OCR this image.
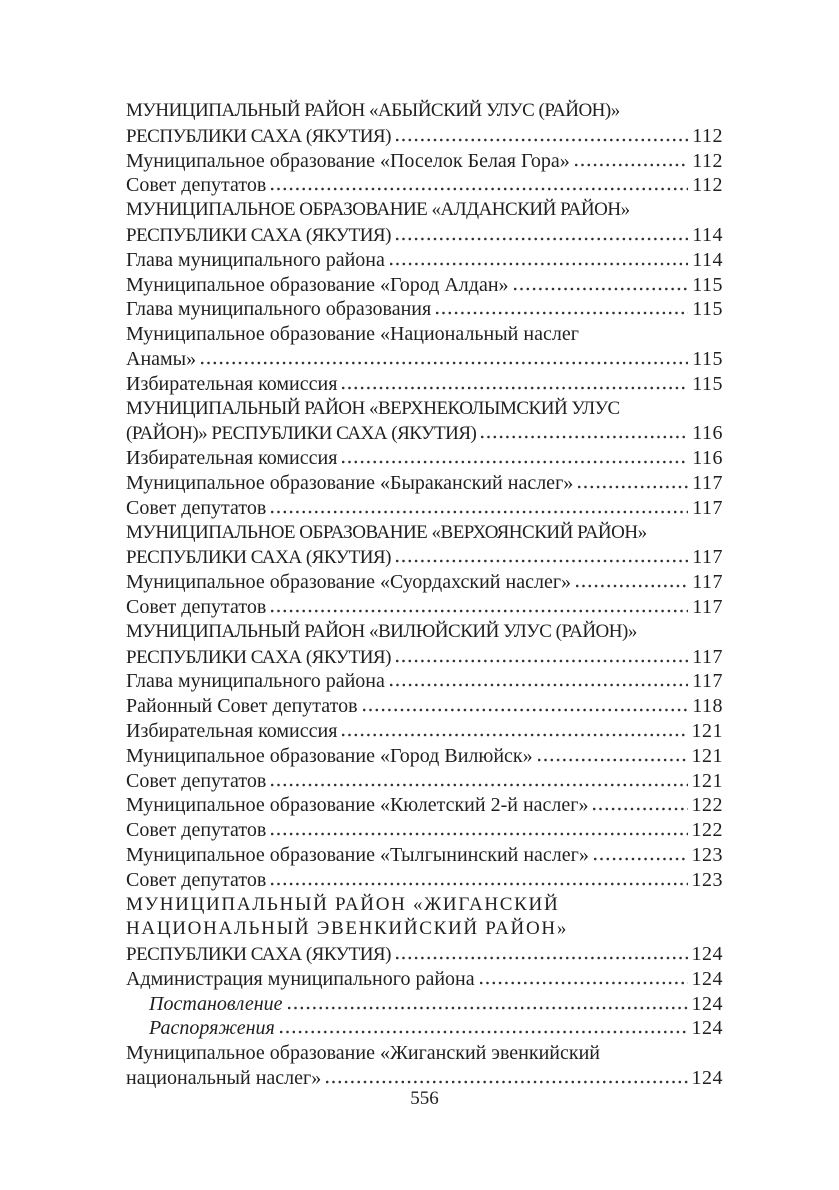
МУНИЦИПАЛЬНЫЙ РАЙОН «АБЫЙСКИЙ УЛУС (РАЙОН)»
РЕСПУБЛИКИ САХА (ЯКУТИЯ)	112
Муниципальное образование «Поселок Белая Гора»	112
Совет депутатов	112
МУНИЦИПАЛЬНОЕ ОБРАЗОВАНИЕ «АЛДАНСКИЙ РАЙОН»
РЕСПУБЛИКИ САХА (ЯКУТИЯ)	114
Глава муниципального района	114
Муниципальное образование «Город Алдан»	115
Глава муниципального образования	115
Муниципальное образование «Национальный наслег
Анамы»	115
Избирательная комиссия	115
МУНИЦИПАЛЬНЫЙ РАЙОН «ВЕРХНЕКОЛЫМСКИЙ УЛУС
(РАЙОН)» РЕСПУБЛИКИ САХА (ЯКУТИЯ)	116
Избирательная комиссия	116
Муниципальное образование «Быраканский наслег»	117
Совет депутатов	117
МУНИЦИПАЛЬНОЕ ОБРАЗОВАНИЕ «ВЕРХОЯНСКИЙ РАЙОН»
РЕСПУБЛИКИ САХА (ЯКУТИЯ)	117
Муниципальное образование «Суордахский наслег»	117
Совет депутатов	117
МУНИЦИПАЛЬНЫЙ РАЙОН «ВИЛЮЙСКИЙ УЛУС (РАЙОН)»
РЕСПУБЛИКИ САХА (ЯКУТИЯ)	117
Глава муниципального района	117
Районный Совет депутатов	118
Избирательная комиссия	121
Муниципальное образование «Город Вилюйск»	121
Совет депутатов	121
Муниципальное образование «Кюлетский 2-й наслег»	122
Совет депутатов	122
Муниципальное образование «Тылгынинский наслег»	123
Совет депутатов	123
МУНИЦИПАЛЬНЫЙ РАЙОН «ЖИГАНСКИЙ
НАЦИОНАЛЬНЫЙ ЭВЕНКИЙСКИЙ РАЙОН»
РЕСПУБЛИКИ САХА (ЯКУТИЯ)	124
Администрация муниципального района	124
Постановление	124
Распоряжения	124
Муниципальное образование «Жиганский эвенкийский
национальный наслег»	124
556
